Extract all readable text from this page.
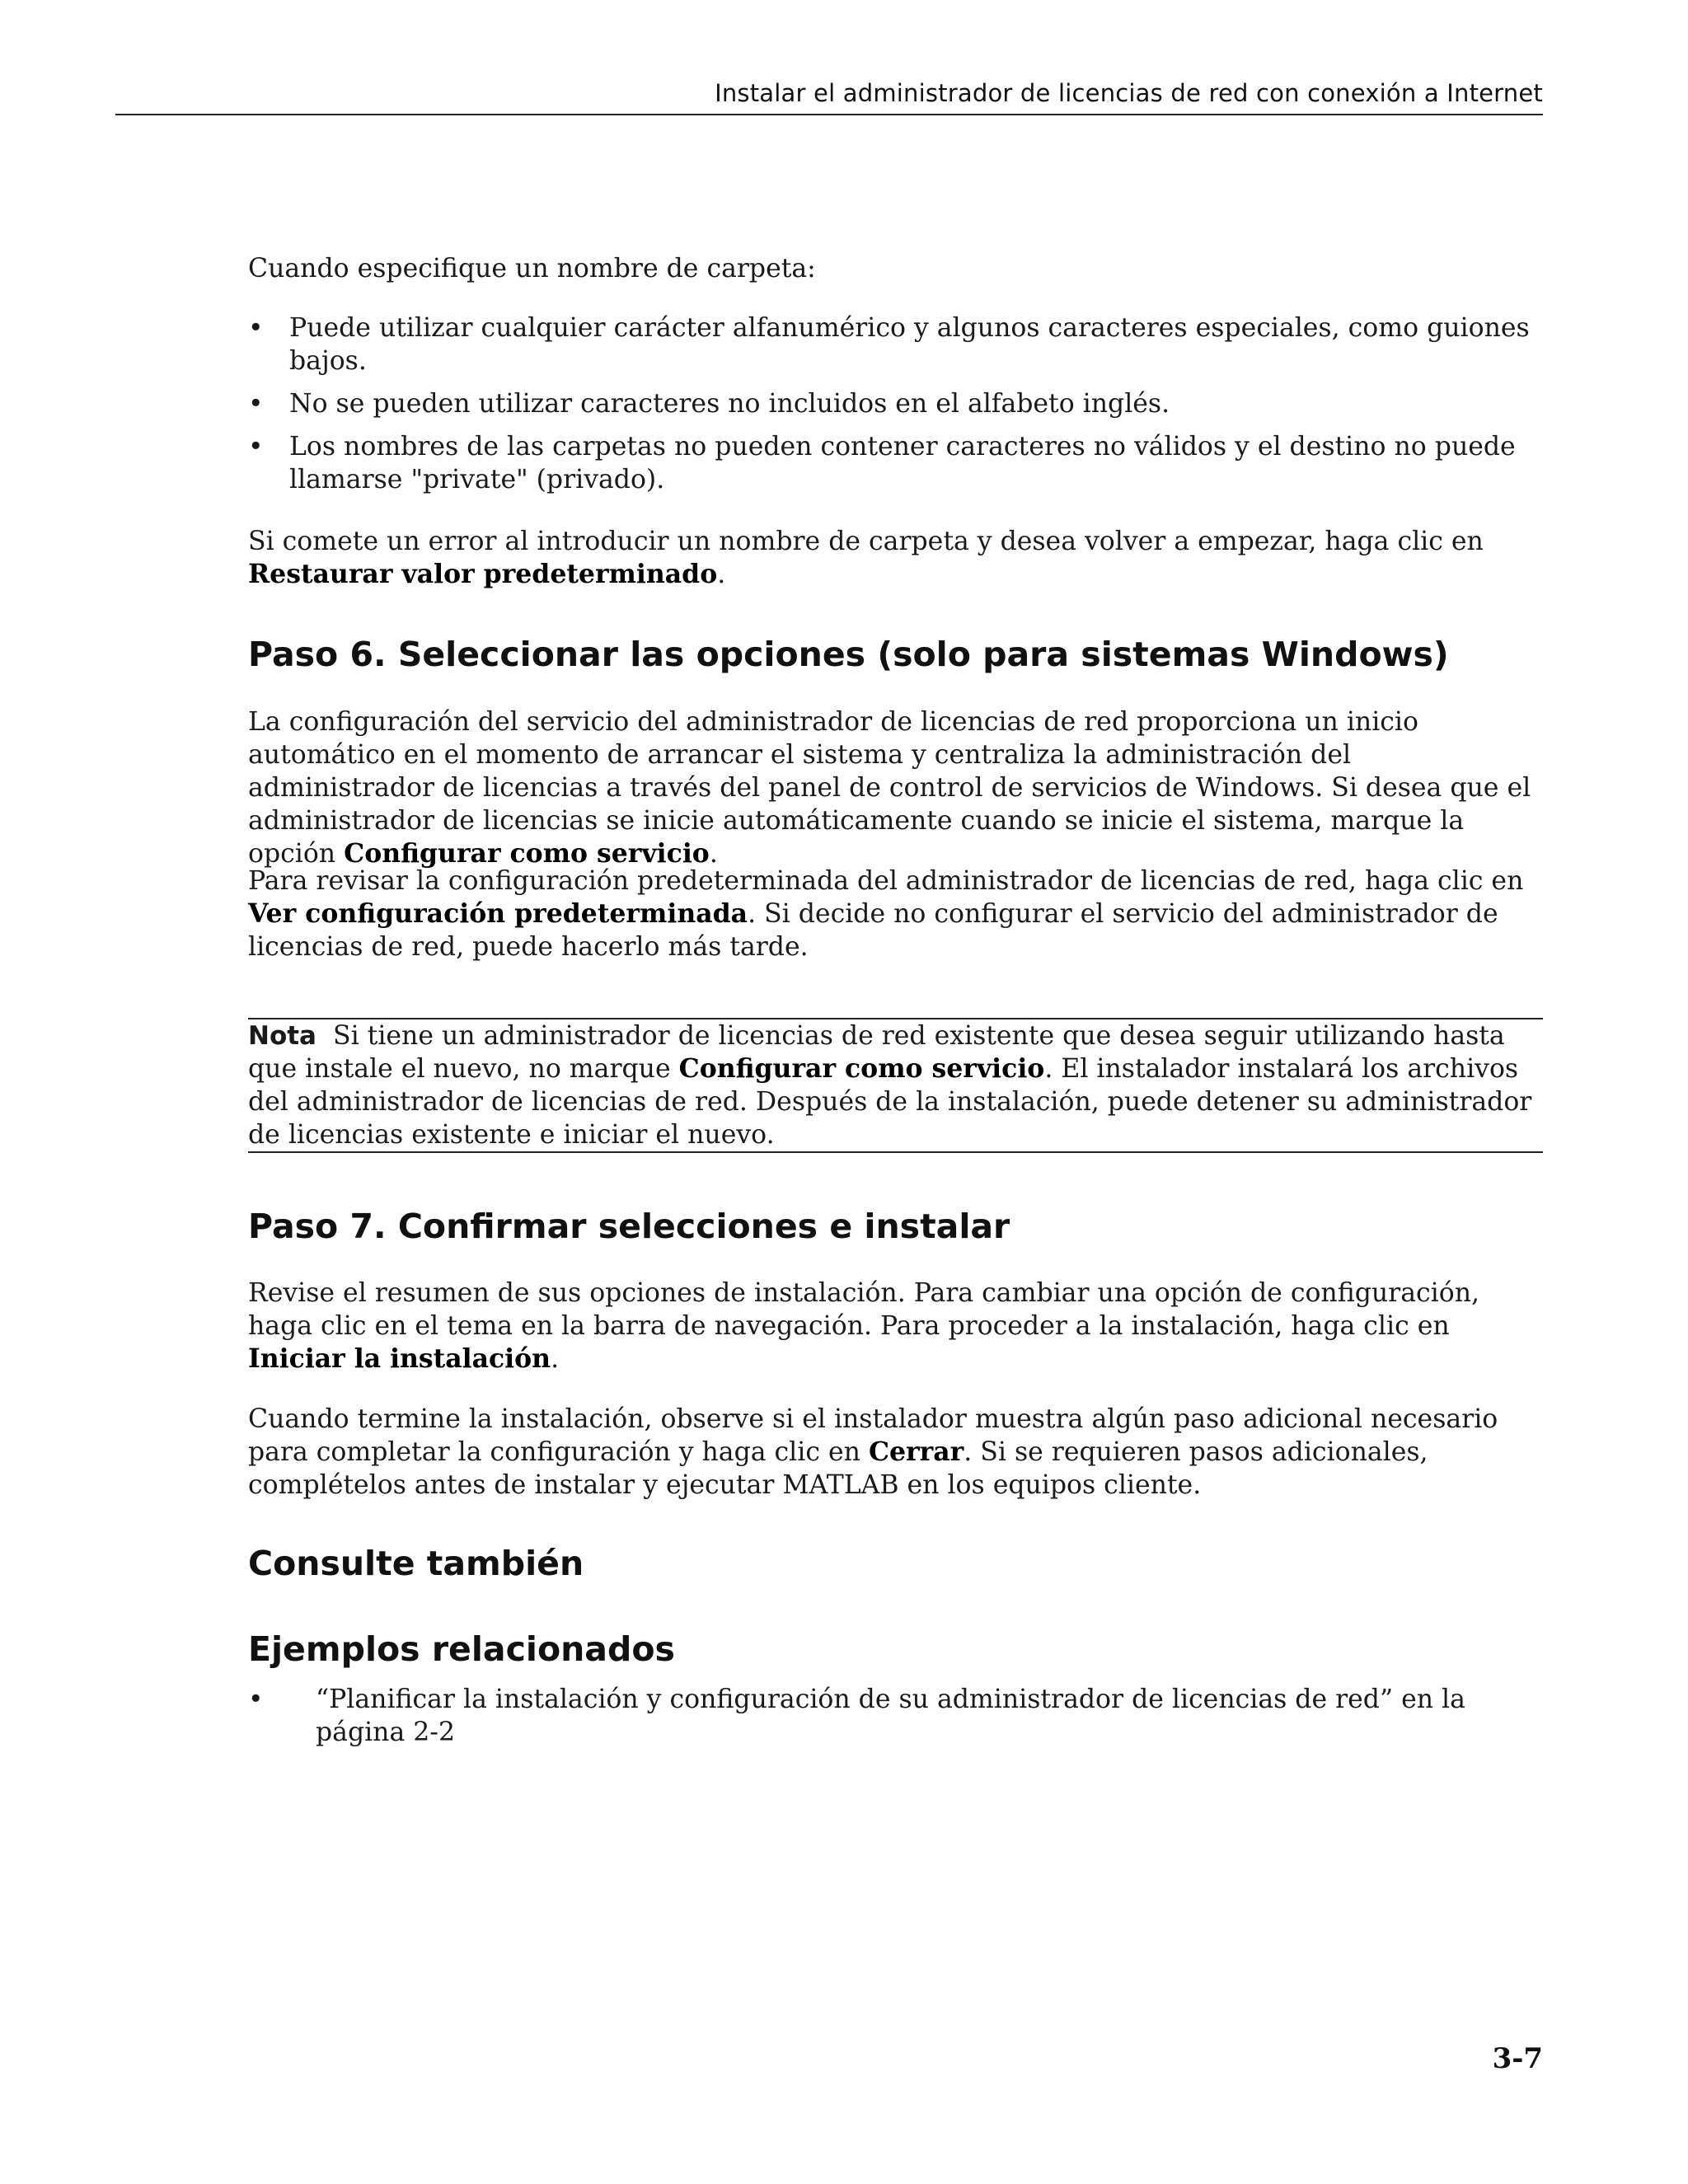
Instalar el administrador de licencias de red con conexión a Internet

Cuando especifique un nombre de carpeta:

• Puede utilizar cualquier carácter alfanumérico y algunos caracteres especiales, como guiones bajos.
• No se pueden utilizar caracteres no incluidos en el alfabeto inglés.
• Los nombres de las carpetas no pueden contener caracteres no válidos y el destino no puede llamarse "private" (privado).

Si comete un error al introducir un nombre de carpeta y desea volver a empezar, haga clic en Restaurar valor predeterminado.

Paso 6. Seleccionar las opciones (solo para sistemas Windows)

La configuración del servicio del administrador de licencias de red proporciona un inicio automático en el momento de arrancar el sistema y centraliza la administración del administrador de licencias a través del panel de control de servicios de Windows. Si desea que el administrador de licencias se inicie automáticamente cuando se inicie el sistema, marque la opción Configurar como servicio.

Para revisar la configuración predeterminada del administrador de licencias de red, haga clic en Ver configuración predeterminada. Si decide no configurar el servicio del administrador de licencias de red, puede hacerlo más tarde.

Nota Si tiene un administrador de licencias de red existente que desea seguir utilizando hasta que instale el nuevo, no marque Configurar como servicio. El instalador instalará los archivos del administrador de licencias de red. Después de la instalación, puede detener su administrador de licencias existente e iniciar el nuevo.

Paso 7. Confirmar selecciones e instalar

Revise el resumen de sus opciones de instalación. Para cambiar una opción de configuración, haga clic en el tema en la barra de navegación. Para proceder a la instalación, haga clic en Iniciar la instalación.

Cuando termine la instalación, observe si el instalador muestra algún paso adicional necesario para completar la configuración y haga clic en Cerrar. Si se requieren pasos adicionales, complételos antes de instalar y ejecutar MATLAB en los equipos cliente.

Consulte también
Ejemplos relacionados
• “Planificar la instalación y configuración de su administrador de licencias de red” en la página 2-2
3-7
